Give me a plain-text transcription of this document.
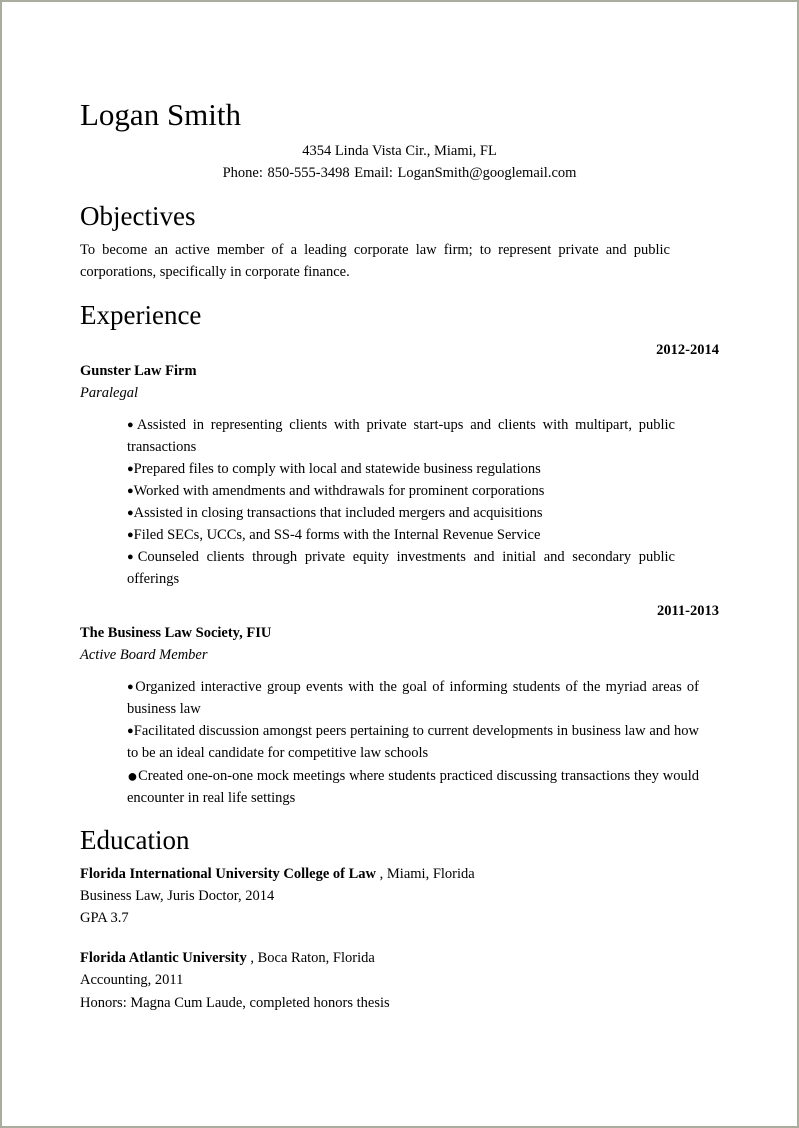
Logan Smith
4354 Linda Vista Cir., Miami, FL
Phone: 850-555-3498 Email: LoganSmith@googlemail.com
Objectives
To become an active member of a leading corporate law firm; to represent private and public corporations, specifically in corporate finance.
Experience
2012-2014
Gunster Law Firm
Paralegal
●Assisted in representing clients with private start-ups and clients with multipart, public transactions
●Prepared files to comply with local and statewide business regulations
●Worked with amendments and withdrawals for prominent corporations
●Assisted in closing transactions that included mergers and acquisitions
●Filed SECs, UCCs, and SS-4 forms with the Internal Revenue Service
●Counseled clients through private equity investments and initial and secondary public offerings
2011-2013
The Business Law Society, FIU
Active Board Member
●Organized interactive group events with the goal of informing students of the myriad areas of business law
●Facilitated discussion amongst peers pertaining to current developments in business law and how to be an ideal candidate for competitive law schools
●Created one-on-one mock meetings where students practiced discussing transactions they would encounter in real life settings
Education
Florida International University College of Law , Miami, Florida
Business Law, Juris Doctor, 2014
GPA 3.7
Florida Atlantic University , Boca Raton, Florida
Accounting, 2011
Honors: Magna Cum Laude, completed honors thesis
